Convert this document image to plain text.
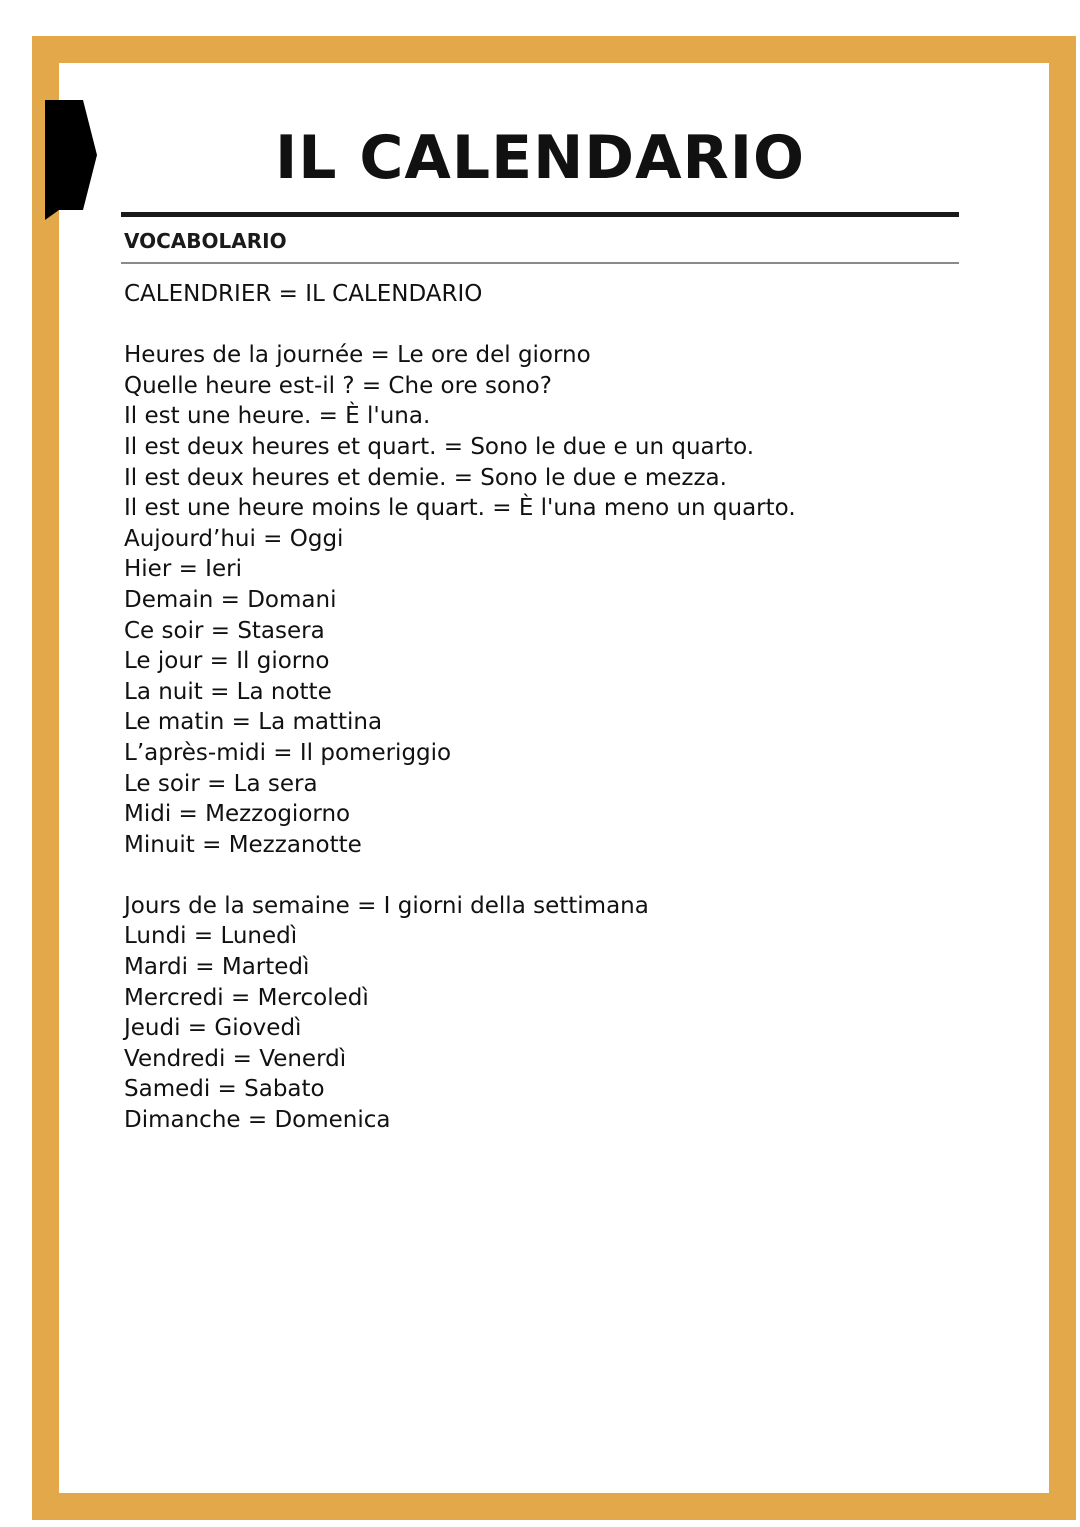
IL CALENDARIO
VOCABOLARIO
CALENDRIER = IL CALENDARIO
Heures de la journée = Le ore del giorno
Quelle heure est-il ? = Che ore sono?
Il est une heure. = È l'una.
Il est deux heures et quart. = Sono le due e un quarto.
Il est deux heures et demie. = Sono le due e mezza.
Il est une heure moins le quart. = È l'una meno un quarto.
Aujourd’hui = Oggi
Hier = Ieri
Demain = Domani
Ce soir = Stasera
Le jour = Il giorno
La nuit = La notte
Le matin = La mattina
L’après-midi = Il pomeriggio
Le soir = La sera
Midi = Mezzogiorno
Minuit = Mezzanotte
Jours de la semaine = I giorni della settimana
Lundi = Lunedì
Mardi = Martedì
Mercredi = Mercoledì
Jeudi = Giovedì
Vendredi = Venerdì
Samedi = Sabato
Dimanche = Domenica
